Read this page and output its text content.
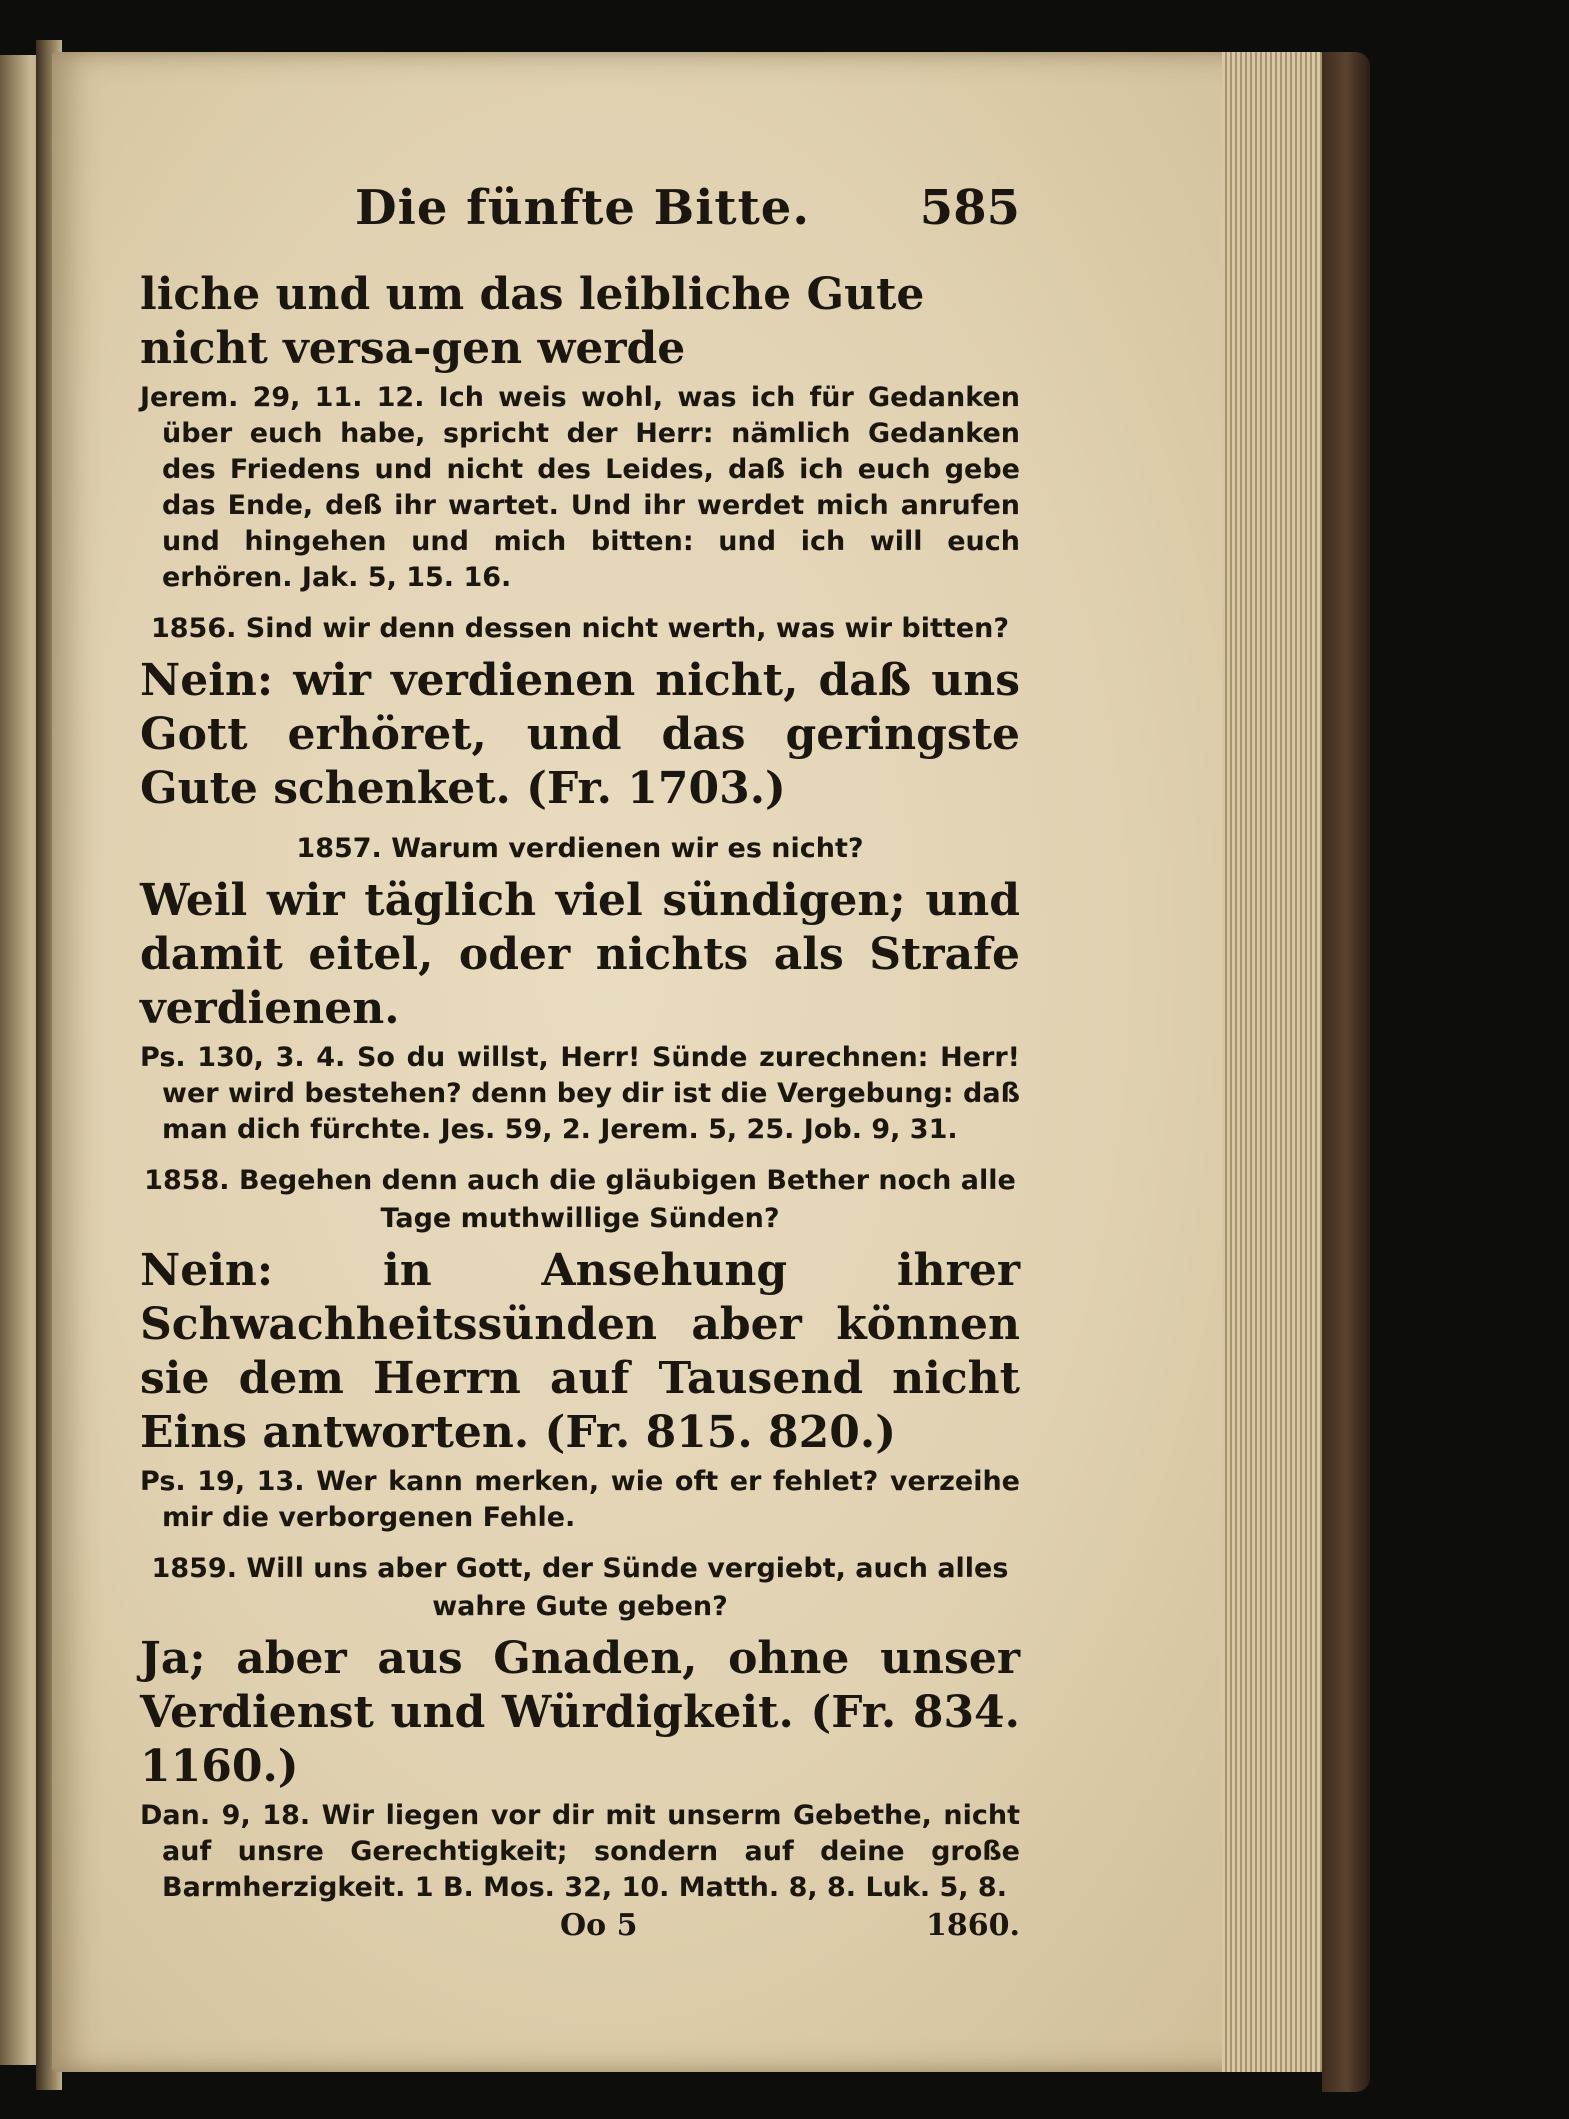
Die fünfte Bitte. 585
liche und um das leibliche Gute nicht versa-gen werde

Jerem. 29, 11. 12. Ich weis wohl, was ich für Gedanken über euch habe, spricht der Herr: nämlich Gedanken des Friedens und nicht des Leides, daß ich euch gebe das Ende, deß ihr wartet. Und ihr werdet mich anrufen und hingehen und mich bitten: und ich will euch erhören. Jak. 5, 15. 16.

1856. Sind wir denn dessen nicht werth, was wir bitten?
Nein: wir verdienen nicht, daß uns Gott erhöret, und das geringste Gute schenket. (Fr. 1703.)
1857. Warum verdienen wir es nicht?
Weil wir täglich viel sündigen; und damit eitel, oder nichts als Strafe verdienen.

Ps. 130, 3. 4. So du willst, Herr! Sünde zurechnen: Herr! wer wird bestehen? denn bey dir ist die Vergebung: daß man dich fürchte. Jes. 59, 2. Jerem. 5, 25. Job. 9, 31.

1858. Begehen denn auch die gläubigen Bether noch alle Tage muthwillige Sünden?
Nein: in Ansehung ihrer Schwachheitssünden aber können sie dem Herrn auf Tausend nicht Eins antworten. (Fr. 815. 820.)

Ps. 19, 13. Wer kann merken, wie oft er fehlet? verzeihe mir die verborgenen Fehle.

1859. Will uns aber Gott, der Sünde vergiebt, auch alles wahre Gute geben?
Ja; aber aus Gnaden, ohne unser Verdienst und Würdigkeit. (Fr. 834. 1160.)

Dan. 9, 18. Wir liegen vor dir mit unserm Gebethe, nicht auf unsre Gerechtigkeit; sondern auf deine große Barmherzigkeit. 1 B. Mos. 32, 10. Matth. 8, 8. Luk. 5, 8.

Oo 5	1860.
